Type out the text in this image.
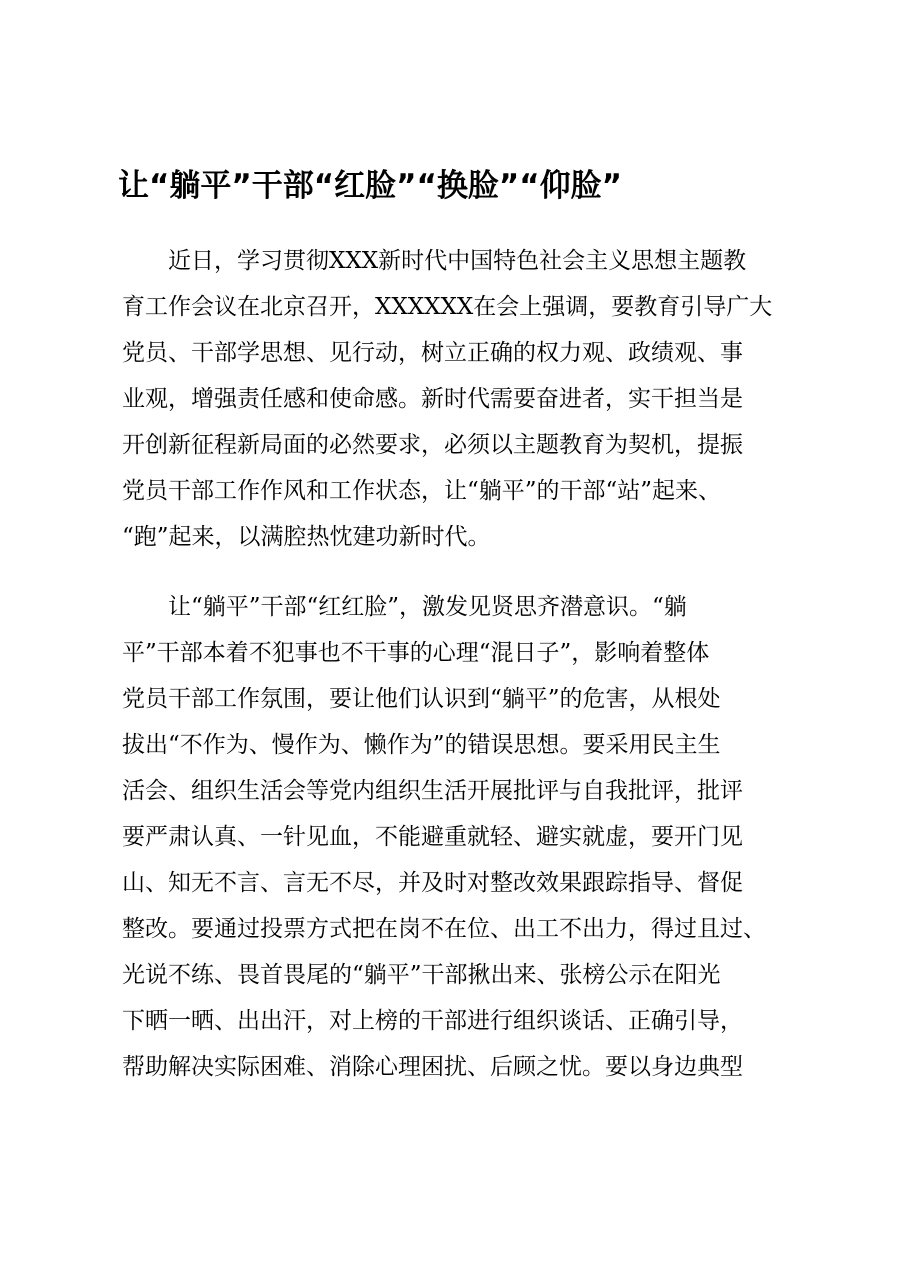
让“躺平”干部“红脸”“换脸”“仰脸”

　　近日，学习贯彻XXX新时代中国特色社会主义思想主题教
育工作会议在北京召开，XXXXXX在会上强调，要教育引导广大
党员、干部学思想、见行动，树立正确的权力观、政绩观、事
业观，增强责任感和使命感。新时代需要奋进者，实干担当是
开创新征程新局面的必然要求，必须以主题教育为契机，提振
党员干部工作作风和工作状态，让“躺平”的干部“站”起来、
“跑”起来，以满腔热忱建功新时代。

　　让“躺平”干部“红红脸”，激发见贤思齐潜意识。“躺
平”干部本着不犯事也不干事的心理“混日子”，影响着整体
党员干部工作氛围，要让他们认识到“躺平”的危害，从根处
拔出“不作为、慢作为、懒作为”的错误思想。要采用民主生
活会、组织生活会等党内组织生活开展批评与自我批评，批评
要严肃认真、一针见血，不能避重就轻、避实就虚，要开门见
山、知无不言、言无不尽，并及时对整改效果跟踪指导、督促
整改。要通过投票方式把在岗不在位、出工不出力，得过且过、
光说不练、畏首畏尾的“躺平”干部揪出来、张榜公示在阳光
下晒一晒、出出汗，对上榜的干部进行组织谈话、正确引导，
帮助解决实际困难、消除心理困扰、后顾之忧。要以身边典型
